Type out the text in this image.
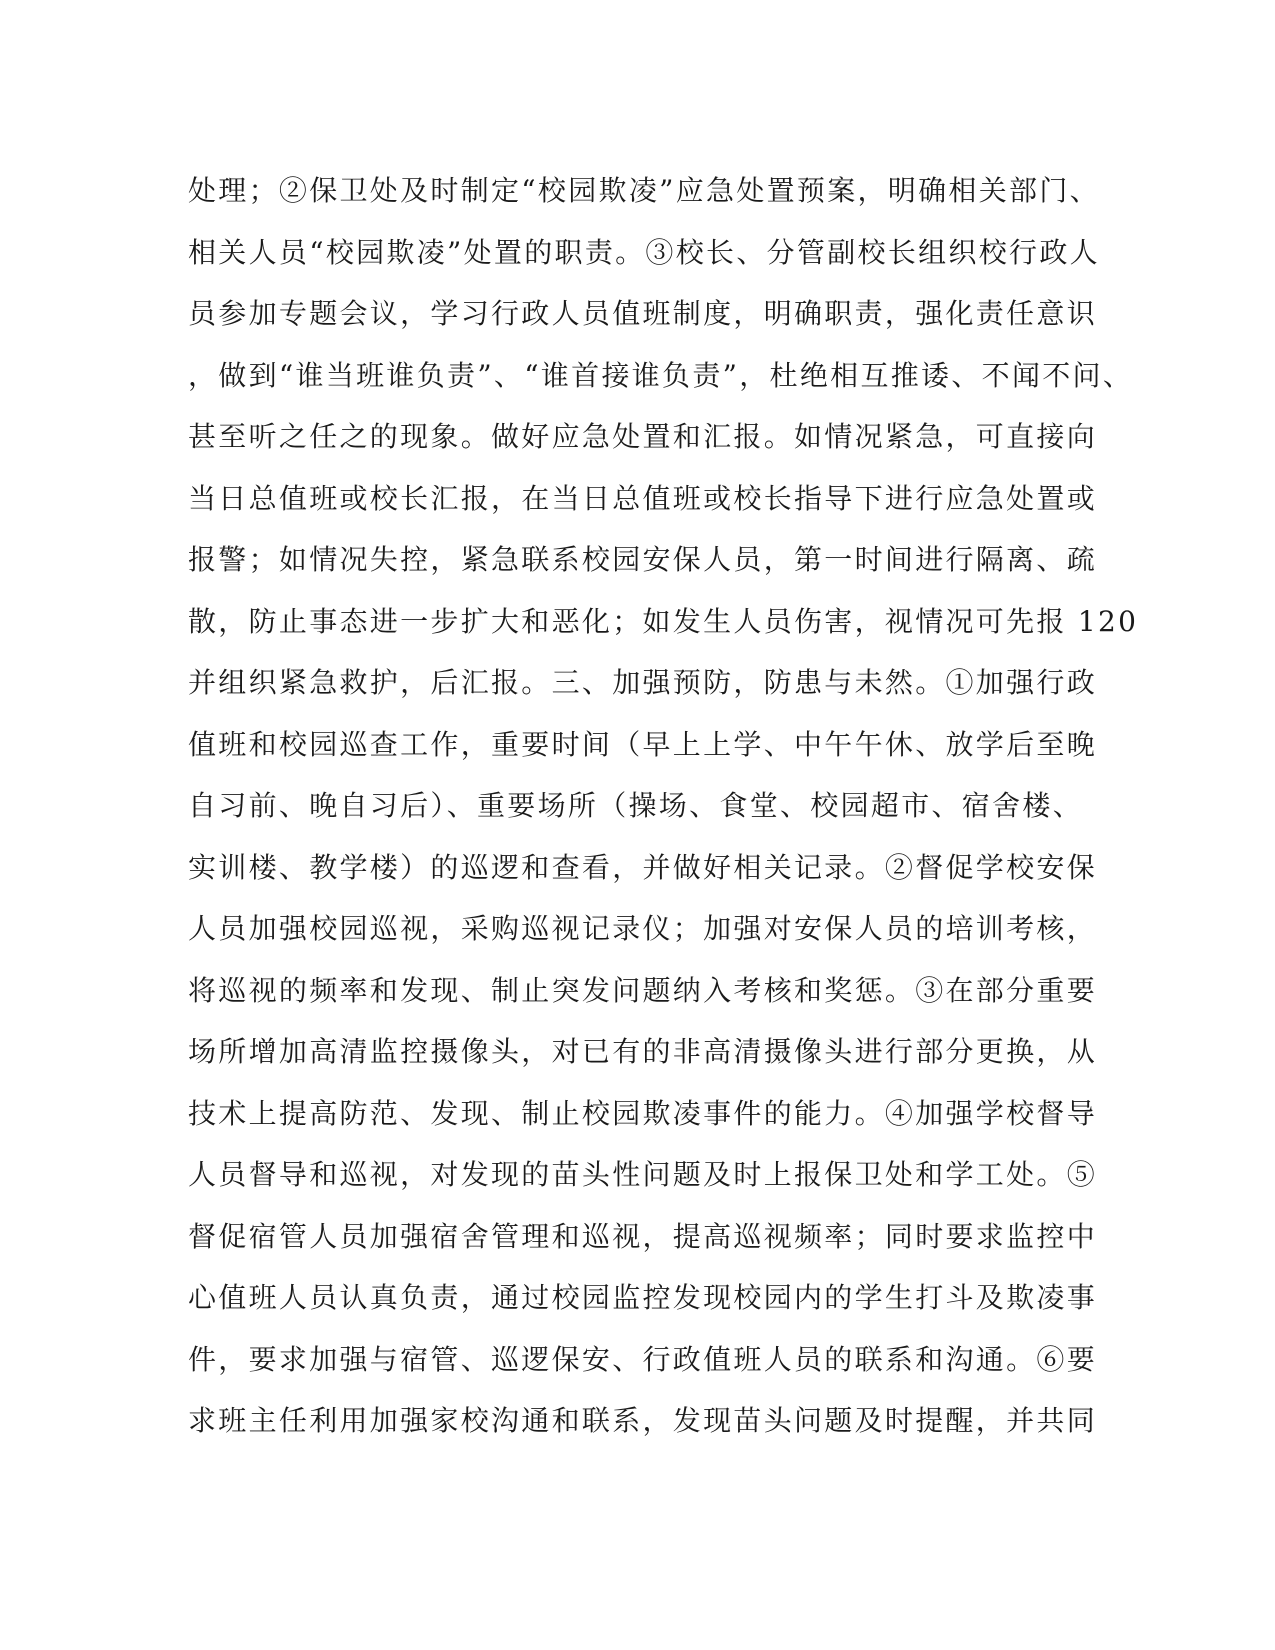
处理；②保卫处及时制定“校园欺凌”应急处置预案，明确相关部门、
相关人员“校园欺凌”处置的职责。③校长、分管副校长组织校行政人
员参加专题会议，学习行政人员值班制度，明确职责，强化责任意识
，做到“谁当班谁负责”、“谁首接谁负责”，杜绝相互推诿、不闻不问、
甚至听之任之的现象。做好应急处置和汇报。如情况紧急，可直接向
当日总值班或校长汇报，在当日总值班或校长指导下进行应急处置或
报警；如情况失控，紧急联系校园安保人员，第一时间进行隔离、疏
散，防止事态进一步扩大和恶化；如发生人员伤害，视情况可先报 120
并组织紧急救护，后汇报。三、加强预防，防患与未然。①加强行政
值班和校园巡查工作，重要时间（早上上学、中午午休、放学后至晚
自习前、晚自习后）、重要场所（操场、食堂、校园超市、宿舍楼、
实训楼、教学楼）的巡逻和查看，并做好相关记录。②督促学校安保
人员加强校园巡视，采购巡视记录仪；加强对安保人员的培训考核，
将巡视的频率和发现、制止突发问题纳入考核和奖惩。③在部分重要
场所增加高清监控摄像头，对已有的非高清摄像头进行部分更换，从
技术上提高防范、发现、制止校园欺凌事件的能力。④加强学校督导
人员督导和巡视，对发现的苗头性问题及时上报保卫处和学工处。⑤
督促宿管人员加强宿舍管理和巡视，提高巡视频率；同时要求监控中
心值班人员认真负责，通过校园监控发现校园内的学生打斗及欺凌事
件，要求加强与宿管、巡逻保安、行政值班人员的联系和沟通。⑥要
求班主任利用加强家校沟通和联系，发现苗头问题及时提醒，并共同
